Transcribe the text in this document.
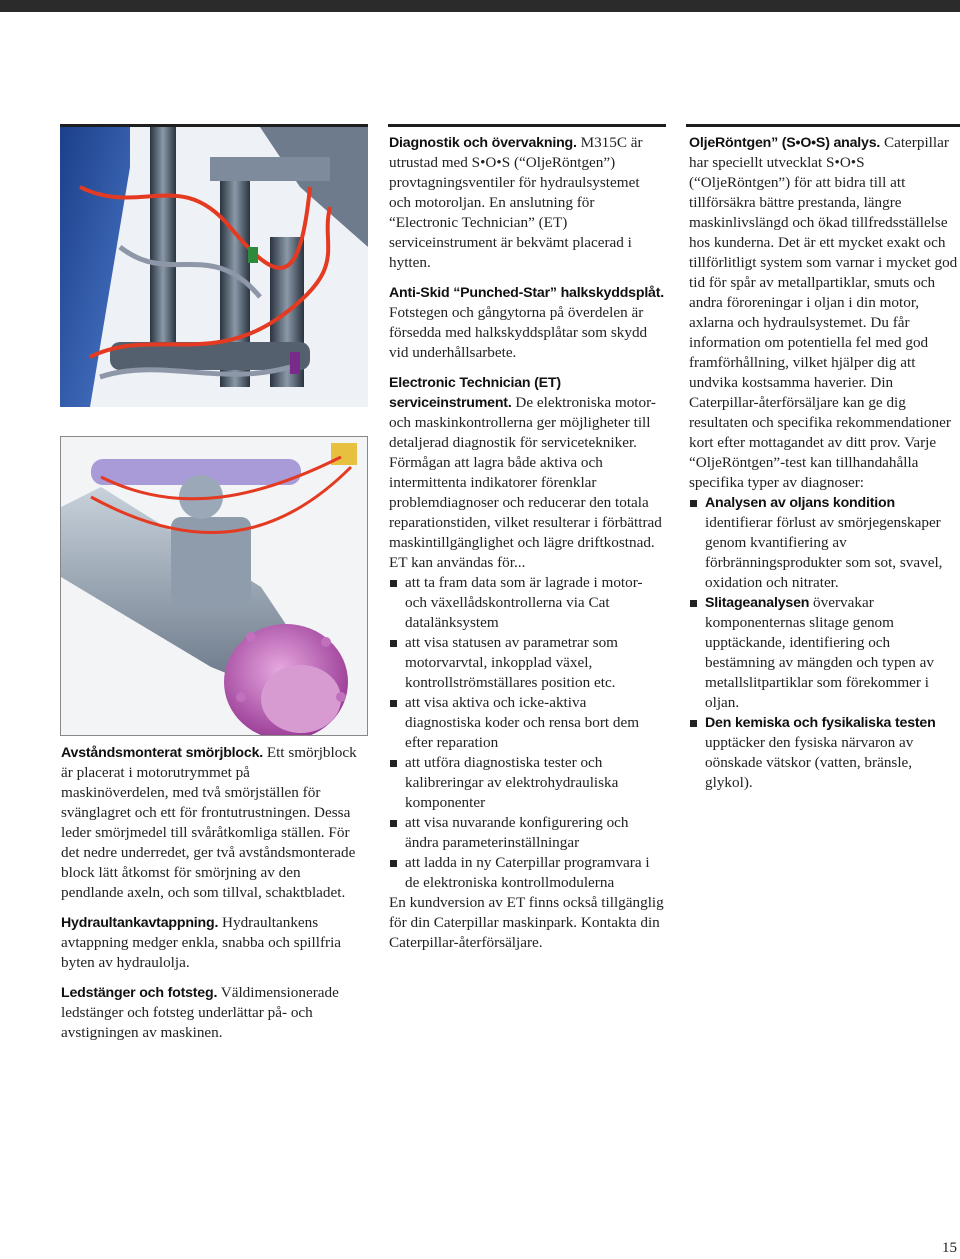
Avståndsmonterat smörjblock. Ett smörjblock är placerat i motorutrymmet på maskinöverdelen, med två smörjställen för svänglagret och ett för frontutrustningen. Dessa leder smörjmedel till svåråtkomliga ställen. För det nedre underredet, ger två avståndsmonterade block lätt åtkomst för smörjning av den pendlande axeln, och som tillval, schaktbladet.

Hydraultankavtappning. Hydraultankens avtappning medger enkla, snabba och spillfria byten av hydraulolja.

Ledstänger och fotsteg. Väldimensionerade ledstänger och fotsteg underlättar på- och avstigningen av maskinen.

Diagnostik och övervakning. M315C är utrustad med S•O•S (“OljeRöntgen”) provtagningsventiler för hydraulsystemet och motoroljan. En anslutning för “Electronic Technician” (ET) serviceinstrument är bekvämt placerad i hytten.

Anti-Skid “Punched-Star” halkskyddsplåt. Fotstegen och gångytorna på överdelen är försedda med halkskyddsplåtar som skydd vid underhållsarbete.

Electronic Technician (ET) serviceinstrument. De elektroniska motor- och maskinkontrollerna ger möjligheter till detaljerad diagnostik för servicetekniker. Förmågan att lagra både aktiva och intermittenta indikatorer förenklar problemdiagnoser och reducerar den totala reparationstiden, vilket resulterar i förbättrad maskintillgänglighet och lägre driftkostnad. ET kan användas för...

att ta fram data som är lagrade i motor- och växellådskontrollerna via Cat datalänksystem
att visa statusen av parametrar som motorvarvtal, inkopplad växel, kontrollströmställares position etc.
att visa aktiva och icke-aktiva diagnostiska koder och rensa bort dem efter reparation
att utföra diagnostiska tester och kalibreringar av elektrohydrauliska komponenter
att visa nuvarande konfigurering och ändra parameterinställningar
att ladda in ny Caterpillar programvara i de elektroniska kontrollmodulerna

En kundversion av ET finns också tillgänglig för din Caterpillar maskinpark. Kontakta din Caterpillar-återförsäljare.

OljeRöntgen” (S•O•S) analys. Caterpillar har speciellt utvecklat S•O•S (“OljeRöntgen”) för att bidra till att tillförsäkra bättre prestanda, längre maskinlivslängd och ökad tillfredsställelse hos kunderna. Det är ett mycket exakt och tillförlitligt system som varnar i mycket god tid för spår av metallpartiklar, smuts och andra föroreningar i oljan i din motor, axlarna och hydraulsystemet. Du får information om potentiella fel med god framförhållning, vilket hjälper dig att undvika kostsamma haverier. Din Caterpillar-återförsäljare kan ge dig resultaten och specifika rekommendationer kort efter mottagandet av ditt prov. Varje “OljeRöntgen”-test kan tillhandahålla specifika typer av diagnoser:

Analysen av oljans kondition identifierar förlust av smörjegenskaper genom kvantifiering av förbränningsprodukter som sot, svavel, oxidation och nitrater.
Slitageanalysen övervakar komponenternas slitage genom upptäckande, identifiering och bestämning av mängden och typen av metallslitpartiklar som förekommer i oljan.
Den kemiska och fysikaliska testen upptäcker den fysiska närvaron av oönskade vätskor (vatten, bränsle, glykol).
15
